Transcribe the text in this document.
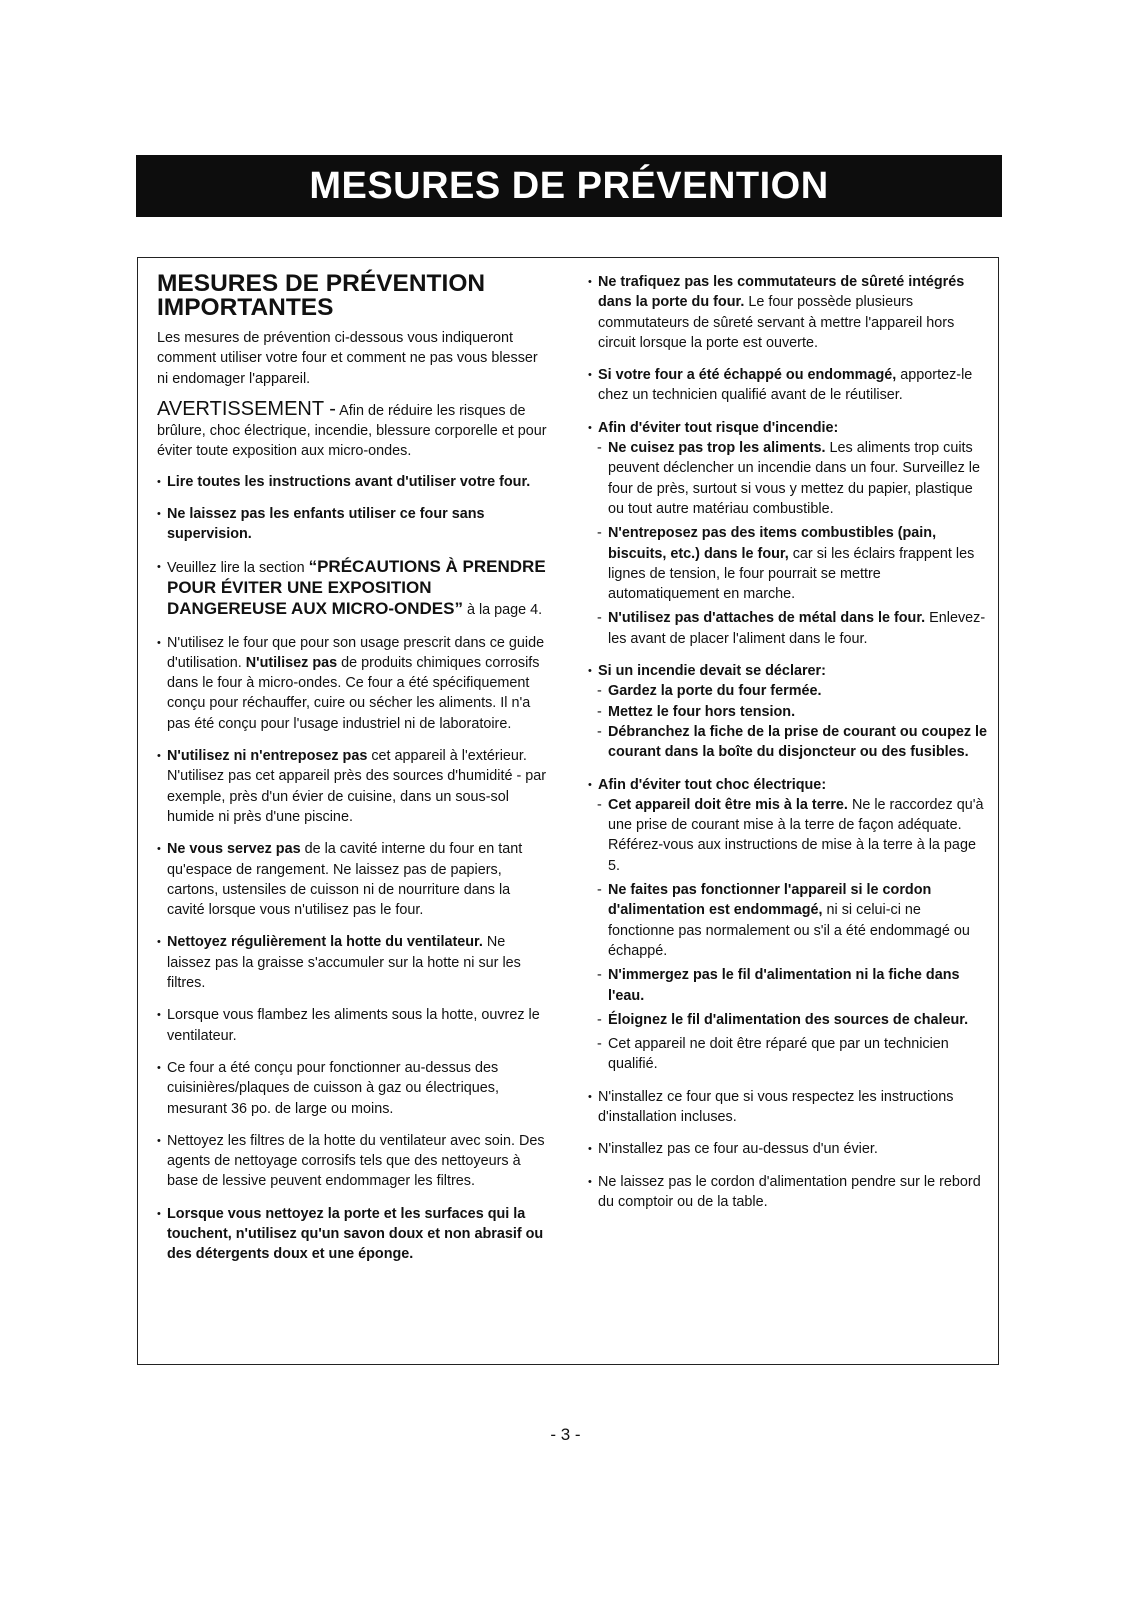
MESURES DE PRÉVENTION
MESURES DE PRÉVENTION IMPORTANTES

Les mesures de prévention ci-dessous vous indiqueront comment utiliser votre four et comment ne pas vous blesser ni endomager l'appareil.

AVERTISSEMENT - Afin de réduire les risques de brûlure, choc électrique, incendie, blessure corporelle et pour éviter toute exposition aux micro-ondes.

• Lire toutes les instructions avant d'utiliser votre four.

• Ne laissez pas les enfants utiliser ce four sans supervision.

• Veuillez lire la section “PRÉCAUTIONS À PRENDRE POUR ÉVITER UNE EXPOSITION DANGEREUSE AUX MICRO-ONDES” à la page 4.

• N'utilisez le four que pour son usage prescrit dans ce guide d'utilisation. N'utilisez pas de produits chimiques corrosifs dans le four à micro-ondes. Ce four a été spécifiquement conçu pour réchauffer, cuire ou sécher les aliments. Il n'a pas été conçu pour l'usage industriel ni de laboratoire.

• N'utilisez ni n'entreposez pas cet appareil à l'extérieur. N'utilisez pas cet appareil près des sources d'humidité - par exemple, près d'un évier de cuisine, dans un sous-sol humide ni près d'une piscine.

• Ne vous servez pas de la cavité interne du four en tant qu'espace de rangement. Ne laissez pas de papiers, cartons, ustensiles de cuisson ni de nourriture dans la cavité lorsque vous n'utilisez pas le four.

• Nettoyez régulièrement la hotte du ventilateur. Ne laissez pas la graisse s'accumuler sur la hotte ni sur les filtres.

• Lorsque vous flambez les aliments sous la hotte, ouvrez le ventilateur.

• Ce four a été conçu pour fonctionner au-dessus des cuisinières/plaques de cuisson à gaz ou électriques, mesurant 36 po. de large ou moins.

• Nettoyez les filtres de la hotte du ventilateur avec soin. Des agents de nettoyage corrosifs tels que des nettoyeurs à base de lessive peuvent endommager les filtres.

• Lorsque vous nettoyez la porte et les surfaces qui la touchent, n'utilisez qu'un savon doux et non abrasif ou des détergents doux et une éponge.

• Ne trafiquez pas les commutateurs de sûreté intégrés dans la porte du four. Le four possède plusieurs commutateurs de sûreté servant à mettre l'appareil hors circuit lorsque la porte est ouverte.

• Si votre four a été échappé ou endommagé, apportez-le chez un technicien qualifié avant de le réutiliser.

• Afin d'éviter tout risque d'incendie:

- Ne cuisez pas trop les aliments. Les aliments trop cuits peuvent déclencher un incendie dans un four. Surveillez le four de près, surtout si vous y mettez du papier, plastique ou tout autre matériau combustible.

- N'entreposez pas des items combustibles (pain, biscuits, etc.) dans le four, car si les éclairs frappent les lignes de tension, le four pourrait se mettre automatiquement en marche.

- N'utilisez pas d'attaches de métal dans le four. Enlevez-les avant de placer l'aliment dans le four.

• Si un incendie devait se déclarer:

- Gardez la porte du four fermée.

- Mettez le four hors tension.

- Débranchez la fiche de la prise de courant ou coupez le courant dans la boîte du disjoncteur ou des fusibles.

• Afin d'éviter tout choc électrique:

- Cet appareil doit être mis à la terre. Ne le raccordez qu'à une prise de courant mise à la terre de façon adéquate. Référez-vous aux instructions de mise à la terre à la page 5.

- Ne faites pas fonctionner l'appareil si le cordon d'alimentation est endommagé, ni si celui-ci ne fonctionne pas normalement ou s'il a été endommagé ou échappé.

- N'immergez pas le fil d'alimentation ni la fiche dans l'eau.

- Éloignez le fil d'alimentation des sources de chaleur.

- Cet appareil ne doit être réparé que par un technicien qualifié.

• N'installez ce four que si vous respectez les instructions d'installation incluses.

• N'installez pas ce four au-dessus d'un évier.

• Ne laissez pas le cordon d'alimentation pendre sur le rebord du comptoir ou de la table.

- 3 -
